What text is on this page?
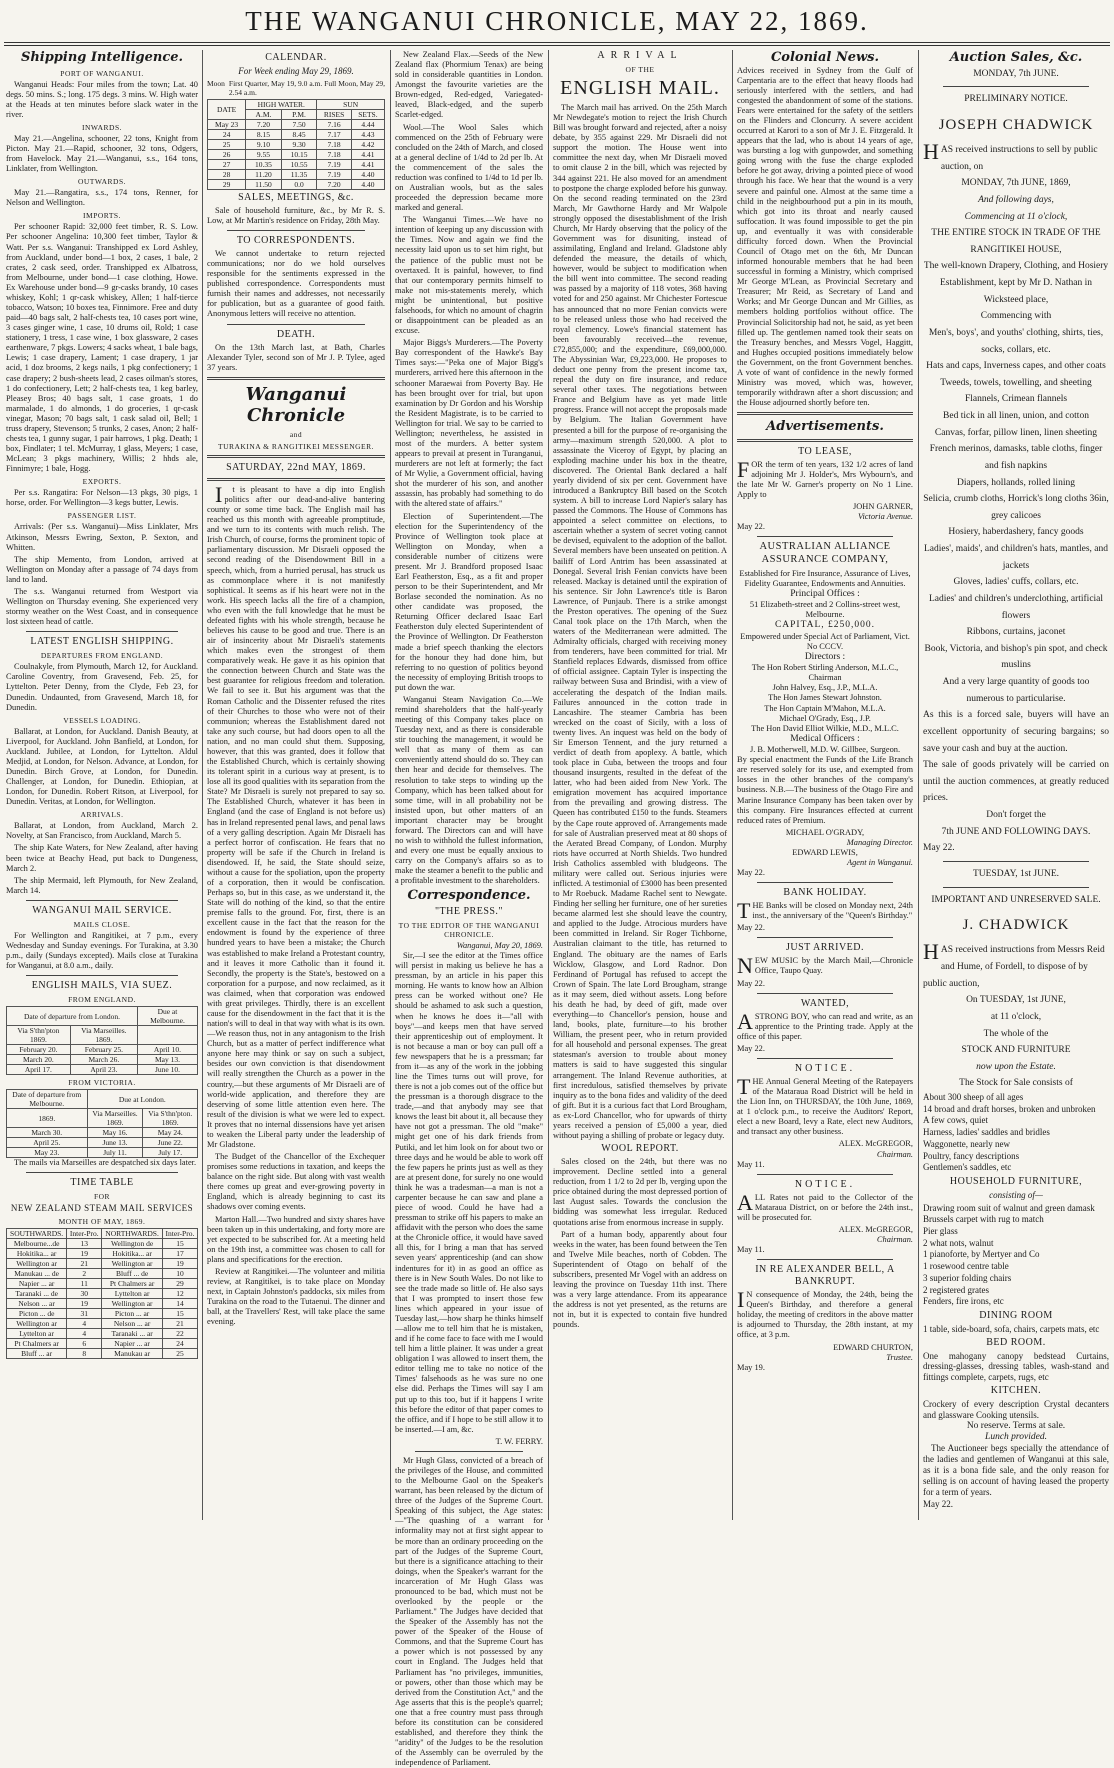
THE WANGANUI CHRONICLE, MAY 22, 1869.
Shipping Intelligence.
PORT OF WANGANUI.

Wanganui Heads: Four miles from the town; Lat. 40 degs. 50 mins. S.; long. 175 degs. 3 mins. W. High water at the Heads at ten minutes before slack water in the river.

INWARDS.

May 21.—Angelina, schooner, 22 tons, Knight from Picton. May 21.—Rapid, schooner, 32 tons, Odgers, from Havelock. May 21.—Wanganui, s.s., 164 tons, Linklater, from Wellington.

OUTWARDS.

May 21.—Rangatira, s.s., 174 tons, Renner, for Nelson and Wellington.

IMPORTS.

Per schooner Rapid: 32,000 feet timber, R. S. Low. Per schooner Angelina: 10,300 feet timber, Taylor & Watt. Per s.s. Wanganui: Transhipped ex Lord Ashley, from Auckland, under bond—1 box, 2 cases, 1 bale, 2 crates, 2 cask seed, order. Transhipped ex Albatross, from Melbourne, under bond—1 case clothing, Howe. Ex Warehouse under bond—9 gr-casks brandy, 10 cases whiskey, Kohl; 1 qr-cask whiskey, Allen; 1 half-tierce tobacco, Watson; 10 boxes tea, Finnimore. Free and duty paid—40 bags salt, 2 half-chests tea, 10 cases port wine, 3 cases ginger wine, 1 case, 10 drums oil, Rold; 1 case stationery, 1 tress, 1 case wine, 1 box glassware, 2 cases earthenware, 7 pkgs. Lowers; 4 sacks wheat, 1 bale bags, Lewis; 1 case drapery, Lament; 1 case drapery, 1 jar acid, 1 doz brooms, 2 kegs nails, 1 pkg confectionery; 1 case drapery; 2 bush-sheets lead, 2 cases oilman's stores, 1 do confectionery, Lett; 2 half-chests tea, 1 keg barley, Pleasey Bros; 40 bags salt, 1 case groats, 1 do marmalade, 1 do almonds, 1 do groceries, 1 qr-cask vinegar, Mason; 70 bags salt, 1 cask salad oil, Bell; 1 truss drapery, Stevenson; 5 trunks, 2 cases, Anon; 2 half-chests tea, 1 gunny sugar, 1 pair harrows, 1 pkg. Death; 1 box, Findlater; 1 tel. McMurray, 1 glass, Meyers; 1 case, McLean; 3 pkgs machinery, Willis; 2 hhds ale, Finnimyre; 1 bale, Hogg.

EXPORTS.

Per s.s. Rangatira: For Nelson—13 pkgs, 30 pigs, 1 horse, order. For Wellington—3 kegs butter, Lewis.

PASSENGER LIST.

Arrivals: (Per s.s. Wanganui)—Miss Linklater, Mrs Atkinson, Messrs Ewring, Sexton, P. Sexton, and Whitten.

The ship Memento, from London, arrived at Wellington on Monday after a passage of 74 days from land to land.

The s.s. Wanganui returned from Westport via Wellington on Thursday evening. She experienced very stormy weather on the West Coast, and in consequence lost sixteen head of cattle.

LATEST ENGLISH SHIPPING.
DEPARTURES FROM ENGLAND.

Coulnakyle, from Plymouth, March 12, for Auckland. Caroline Coventry, from Gravesend, Feb. 25, for Lyttelton. Peter Denny, from the Clyde, Feb 23, for Dunedin. Undaunted, from Gravesend, March 18, for Dunedin.

VESSELS LOADING.

Ballarat, at London, for Auckland. Danish Beauty, at Liverpool, for Auckland. John Banfield, at London, for Auckland. Jubilee, at London, for Lyttelton. Aldul Medjid, at London, for Nelson. Advance, at London, for Dunedin. Birch Grove, at London, for Dunedin. Challenger, at London, for Dunedin. Ethiopian, at London, for Dunedin. Robert Ritson, at Liverpool, for Dunedin. Veritas, at London, for Wellington.

ARRIVALS.

Ballarat, at London, from Auckland, March 2. Novelty, at San Francisco, from Auckland, March 5.

The ship Kate Waters, for New Zealand, after having been twice at Beachy Head, put back to Dungeness, March 2.

The ship Mermaid, left Plymouth, for New Zealand, March 14.

WANGANUI MAIL SERVICE.
MAILS CLOSE.

For Wellington and Rangitikei, at 7 p.m., every Wednesday and Sunday evenings. For Turakina, at 3.30 p.m., daily (Sundays excepted). Mails close at Turakina for Wanganui, at 8.0 a.m., daily.

ENGLISH MAILS, VIA SUEZ.
FROM ENGLAND.
Date of departure from London.		Due at Melbourne.
Via S'thn'pton 1869.	Via Marseilles. 1869.	
February 20.	February 25.	April 10.
March 20.	March 26.	May 13.
April 17.	April 23.	June 10.
FROM VICTORIA.
Date of departure from Melbourne.	Due at London.	
1869.	Via Marseilles. 1869.	Via S'thn'pton. 1869.
March 30.	May 16.	May 24.
April 25.	June 13.	June 22.
May 23.	July 11.	July 17.

The mails via Marseilles are despatched six days later.

TIME TABLE
FOR
NEW ZEALAND STEAM MAIL SERVICES
MONTH OF MAY, 1869.
SOUTHWARDS.	Inter-Pro.	NORTHWARDS.	Inter-Pro.
Melbourne...de	13	Wellington de	15
Hokitika... ar	19	Hokitika... ar	17
Wellington ar	21	Wellington ar	19
Manukau ... de	2	Bluff ... de	10
Napier ... ar	11	Pt Chalmers ar	29
Taranaki ... de	30	Lyttelton ar	12
Nelson ... ar	19	Wellington ar	14
Picton ... de	31	Picton ... ar	15
Wellington ar	4	Nelson ... ar	21
Lyttelton ar	4	Taranaki ... ar	22
Pt Chalmers ar	6	Napier ... ar	24
Bluff ... ar	8	Manukau ar	25
CALENDAR.
For Week ending May 29, 1869.
Moon First Quarter, May 19, 9.0 a.m. Full Moon, May 29, 2.54 a.m.
DATE	HIGH WATER.		SUN	
	A.M.	P.M.	RISES	SETS.
May 23	7.20	7.50	7.16	4.44
24	8.15	8.45	7.17	4.43
25	9.10	9.30	7.18	4.42
26	9.55	10.15	7.18	4.41
27	10.35	10.55	7.19	4.41
28	11.20	11.35	7.19	4.40
29	11.50	0.0	7.20	4.40
SALES, MEETINGS, &c.

Sale of household furniture, &c., by Mr R. S. Low, at Mr Martin's residence on Friday, 28th May.

TO CORRESPONDENTS.

We cannot undertake to return rejected communications; nor do we hold ourselves responsible for the sentiments expressed in the published correspondence. Correspondents must furnish their names and addresses, not necessarily for publication, but as a guarantee of good faith. Anonymous letters will receive no attention.

DEATH.

On the 13th March last, at Bath, Charles Alexander Tyler, second son of Mr J. P. Tylee, aged 37 years.

Wanganui Chronicle
and
TURAKINA & RANGITIKEI MESSENGER.
SATURDAY, 22nd MAY, 1869.

It is pleasant to have a dip into English politics after our dead-and-alive bantering county or some time back. The English mail has reached us this month with agreeable promptitude, and we turn to its contents with much relish. The Irish Church, of course, forms the prominent topic of parliamentary discussion. Mr Disraeli opposed the second reading of the Disendowment Bill in a speech, which, from a hurried perusal, has struck us as commonplace where it is not manifestly sophistical. It seems as if his heart were not in the work. His speech lacks all the fire of a champion, who even with the full knowledge that he must be defeated fights with his whole strength, because he believes his cause to be good and true. There is an air of insincerity about Mr Disraeli's statements which makes even the strongest of them comparatively weak. He gave it as his opinion that the connection between Church and State was the best guarantee for religious freedom and toleration. We fail to see it. But his argument was that the Roman Catholic and the Dissenter refused the rites of their Churches to those who were not of their communion; whereas the Establishment dared not take any such course, but had doors open to all the nation, and no man could shut them. Supposing, however, that this was granted, does it follow that the Established Church, which is certainly showing its tolerant spirit in a curious way at present, is to lose all its good qualities with its separation from the State? Mr Disraeli is surely not prepared to say so. The Established Church, whatever it has been in England (and the case of England is not before us) has in Ireland represented penal laws, and penal laws of a very galling description. Again Mr Disraeli has a perfect horror of confiscation. He fears that no property will be safe if the Church in Ireland is disendowed. If, he said, the State should seize, without a cause for the spoliation, upon the property of a corporation, then it would be confiscation. Perhaps so, but in this case, as we understand it, the State will do nothing of the kind, so that the entire premise falls to the ground. For, first, there is an excellent cause in the fact that the reason for the endowment is found by the experience of three hundred years to have been a mistake; the Church was established to make Ireland a Protestant country, and it leaves it more Catholic than it found it. Secondly, the property is the State's, bestowed on a corporation for a purpose, and now reclaimed, as it was claimed, when that corporation was endowed with great privileges. Thirdly, there is an excellent cause for the disendowment in the fact that it is the nation's will to deal in that way with what is its own.—We reason thus, not in any antagonism to the Irish Church, but as a matter of perfect indifference what anyone here may think or say on such a subject, besides our own conviction is that disendowment will really strengthen the Church as a power in the country,—but these arguments of Mr Disraeli are of world-wide application, and therefore they are deserving of some little attention even here. The result of the division is what we were led to expect. It proves that no internal dissensions have yet arisen to weaken the Liberal party under the leadership of Mr Gladstone.

The Budget of the Chancellor of the Exchequer promises some reductions in taxation, and keeps the balance on the right side. But along with vast wealth there comes up great and ever-growing poverty in England, which is already beginning to cast its shadows over coming events.

Marton Hall.—Two hundred and sixty shares have been taken up in this undertaking, and forty more are yet expected to be subscribed for. At a meeting held on the 19th inst, a committee was chosen to call for plans and specifications for the erection.

Review at Rangitikei.—The volunteer and militia review, at Rangitikei, is to take place on Monday next, in Captain Johnston's paddocks, six miles from Turakina on the road to the Tutaenui. The dinner and ball, at the Travellers' Rest, will take place the same evening.

New Zealand Flax.—Seeds of the New Zealand flax (Phormium Tenax) are being sold in considerable quantities in London. Amongst the favourite varieties are the Brown-edged, Red-edged, Variegated-leaved, Black-edged, and the superb Scarlet-edged.

Wool.—The Wool Sales which commenced on the 25th of February were concluded on the 24th of March, and closed at a general decline of 1/4d to 2d per lb. At the commencement of the sales the reduction was confined to 1/4d to 1d per lb. on Australian wools, but as the sales proceeded the depression became more marked and general.

The Wanganui Times.—We have no intention of keeping up any discussion with the Times. Now and again we find the necessity laid upon us to set him right, but the patience of the public must not be overtaxed. It is painful, however, to find that our contemporary permits himself to make not mis-statements merely, which might be unintentional, but positive falsehoods, for which no amount of chagrin or disappointment can be pleaded as an excuse.

Major Biggs's Murderers.—The Poverty Bay correspondent of the Hawke's Bay Times says:—"Peka one of Major Bigg's murderers, arrived here this afternoon in the schooner Maraewai from Poverty Bay. He has been brought over for trial, but upon examination by Dr Gordon and his Worship the Resident Magistrate, is to be carried to Wellington for trial. We say to be carried to Wellington; nevertheless, he assisted in most of the murders. A better system appears to prevail at present in Turanganui, murderers are not left at formerly; the fact of Mr Wylie, a Government official, having shot the murderer of his son, and another assassin, has probably had something to do with the altered state of affairs."

Election of Superintendent.—The election for the Superintendency of the Province of Wellington took place at Wellington on Monday, when a considerable number of citizens were present. Mr J. Brandford proposed Isaac Earl Featherston, Esq., as a fit and proper person to be their Superintendent, and Mr Borlase seconded the nomination. As no other candidate was proposed, the Returning Officer declared Isaac Earl Featherston duly elected Superintendent of the Province of Wellington. Dr Featherston made a brief speech thanking the electors for the honour they had done him, but referring to no question of politics beyond the necessity of employing British troops to put down the war.

Wanganui Steam Navigation Co.—We remind shareholders that the half-yearly meeting of this Company takes place on Tuesday next, and as there is considerable stir touching the management, it would be well that as many of them as can conveniently attend should do so. They can then hear and decide for themselves. The resolution to take steps to winding up the Company, which has been talked about for some time, will in all probability not be insisted upon, but other matters of an important character may be brought forward. The Directors can and will have no wish to withhold the fullest information, and every one must be equally anxious to carry on the Company's affairs so as to make the steamer a benefit to the public and a profitable investment to the shareholders.

Correspondence.
"THE PRESS."
TO THE EDITOR OF THE WANGANUI CHRONICLE.
Wanganui, May 20, 1869.

Sir,—I see the editor at the Times office will persist in making us believe he has a pressman, by an article in his paper this morning. He wants to know how an Albion press can be worked without one? He should be ashamed to ask such a question, when he knows he does it—"all with boys"—and keeps men that have served their apprenticeship out of employment. It is not because a man or boy can pull off a few newspapers that he is a pressman; far from it—as any of the work in the jobbing line the Times turns out will prove, for there is not a job comes out of the office but the pressman is a thorough disgrace to the trade,—and that anybody may see that knows the least bit about it, all because they have not got a pressman. The old "make" might get one of his dark friends from Putiki, and let him look on for about two or three days and he would be able to work off the few papers he prints just as well as they are at present done, for surely no one would think he was a tradesman—a man is not a carpenter because he can saw and plane a piece of wood. Could he have had a pressman to strike off his papers to make an affidavit with the person who does the same at the Chronicle office, it would have saved all this, for I bring a man that has served seven years' apprenticeship (and can show indentures for it) in as good an office as there is in New South Wales. Do not like to see the trade made so little of. He also says that I was prompted to insert those few lines which appeared in your issue of Tuesday last,—how sharp he thinks himself—allow me to tell him that he is mistaken, and if he come face to face with me I would tell him a little plainer. It was under a great obligation I was allowed to insert them, the editor telling me to take no notice of the Times' falsehoods as he was sure no one else did. Perhaps the Times will say I am put up to this too, but if it happens I write this before the editor of that paper comes to the office, and if I hope to be still allow it to be inserted.—I am, &c.

T. W. FERRY.

Mr Hugh Glass, convicted of a breach of the privileges of the House, and committed to the Melbourne Gaol on the Speaker's warrant, has been released by the dictum of three of the Judges of the Supreme Court. Speaking of this subject, the Age states:—"The quashing of a warrant for informality may not at first sight appear to be more than an ordinary proceeding on the part of the Judges of the Supreme Court, but there is a significance attaching to their doings, when the Speaker's warrant for the incarceration of Mr Hugh Glass was pronounced to be bad, which must not be overlooked by the people or the Parliament." The Judges have decided that the Speaker of the Assembly has not the power of the Speaker of the House of Commons, and that the Supreme Court has a power which is not possessed by any court in England. The Judges held that Parliament has "no privileges, immunities, or powers, other than those which may be derived from the Constitution Act," and the Age asserts that this is the people's quarrel; one that a free country must pass through before its constitution can be considered established, and therefore they think the "aridity" of the Judges to be the resolution of the Assembly can be overruled by the independence of Parliament.

ARRIVAL
OF THE
ENGLISH MAIL.

The March mail has arrived. On the 25th March Mr Newdegate's motion to reject the Irish Church Bill was brought forward and rejected, after a noisy debate, by 355 against 229. Mr Disraeli did not support the motion. The House went into committee the next day, when Mr Disraeli moved to omit clause 2 in the bill, which was rejected by 344 against 221. He also moved for an amendment to postpone the charge exploded before his gunway. On the second reading terminated on the 23rd March, Mr Gawthorne Hardy and Mr Walpole strongly opposed the disestablishment of the Irish Church, Mr Hardy observing that the policy of the Government was for disuniting, instead of assimilating, England and Ireland. Gladstone ably defended the measure, the details of which, however, would be subject to modification when the bill went into committee. The second reading was passed by a majority of 118 votes, 368 having voted for and 250 against. Mr Chichester Fortescue has announced that no more Fenian convicts were to be released unless those who had received the royal clemency. Lowe's financial statement has been favourably received—the revenue, £72,855,000; and the expenditure, £69,000,000. The Abyssinian War, £9,223,000. He proposes to deduct one penny from the present income tax, repeal the duty on fire insurance, and reduce several other taxes. The negotiations between France and Belgium have as yet made little progress. France will not accept the proposals made by Belgium. The Italian Government have presented a bill for the purpose of re-organising the army—maximum strength 520,000. A plot to assassinate the Viceroy of Egypt, by placing an exploding machine under his box in the theatre, discovered. The Oriental Bank declared a half yearly dividend of six per cent. Government have introduced a Bankruptcy Bill based on the Scotch system. A bill to increase Lord Napier's salary has passed the Commons. The House of Commons has appointed a select committee on elections, to ascertain whether a system of secret voting cannot be devised, equivalent to the adoption of the ballot. Several members have been unseated on petition. A bailiff of Lord Antrim has been assassinated at Donegal. Several Irish Fenian convicts have been released. Mackay is detained until the expiration of his sentence. Sir John Lawrence's title is Baron Lawrence, of Punjaub. There is a strike amongst the Preston operatives. The opening of the Suez Canal took place on the 17th March, when the waters of the Mediterranean were admitted. The Admiralty officials, charged with receiving money from tenderers, have been committed for trial. Mr Stanfield replaces Edwards, dismissed from office of official assignee. Captain Tyler is inspecting the railway between Susa and Brindisi, with a view of accelerating the despatch of the Indian mails. Failures announced in the cotton trade in Lancashire. The steamer Cambria has been wrecked on the coast of Sicily, with a loss of twenty lives. An inquest was held on the body of Sir Emerson Tennent, and the jury returned a verdict of death from apoplexy. A battle, which took place in Cuba, between the troops and four thousand insurgents, resulted in the defeat of the latter, who had been aided from New York. The emigration movement has acquired importance from the prevailing and growing distress. The Queen has contributed £150 to the funds. Steamers by the Cape route approved of. Arrangements made for sale of Australian preserved meat at 80 shops of the Aerated Bread Company, of London. Murphy riots have occurred at North Shields. Two hundred Irish Catholics assembled with bludgeons. The military were called out. Serious injuries were inflicted. A testimonial of £3000 has been presented to Mr Roebuck. Madame Rachel sent to Newgate. Finding her selling her furniture, one of her sureties became alarmed lest she should leave the country, and applied to the Judge. Atrocious murders have been committed in Ireland. Sir Roger Tichborne, Australian claimant to the title, has returned to England. The obituary are the names of Earls Wicklow, Glasgow, and Lord Radnor. Don Ferdinand of Portugal has refused to accept the Crown of Spain. The late Lord Brougham, strange as it may seem, died without assets. Long before his death he had, by deed of gift, made over everything—to Chancellor's pension, house and land, books, plate, furniture—to his brother William, the present peer, who in return provided for all household and personal expenses. The great statesman's aversion to trouble about money matters is said to have suggested this singular arrangement. The Inland Revenue authorities, at first incredulous, satisfied themselves by private inquiry as to the bona fides and validity of the deed of gift. But it is a curious fact that Lord Brougham, as ex-Lord Chancellor, who for upwards of thirty years received a pension of £5,000 a year, died without paying a shilling of probate or legacy duty.

WOOL REPORT.

Sales closed on the 24th, but there was no improvement. Decline settled into a general reduction, from 1 1/2 to 2d per lb, verging upon the price obtained during the most depressed portion of last August sales. Towards the conclusion the bidding was somewhat less irregular. Reduced quotations arise from enormous increase in supply.

Part of a human body, apparently about four weeks in the water, has been found between the Ten and Twelve Mile beaches, north of Cobden. The Superintendent of Otago on behalf of the subscribers, presented Mr Vogel with an address on leaving the province on Tuesday 11th inst. There was a very large attendance. From its appearance the address is not yet presented, as the returns are not in, but it is expected to contain five hundred pounds.

Colonial News.

Advices received in Sydney from the Gulf of Carpentaria are to the effect that heavy floods had seriously interfered with the settlers, and had congested the abandonment of some of the stations. Fears were entertained for the safety of the settlers on the Flinders and Cloncurry. A severe accident occurred at Karori to a son of Mr J. E. Fitzgerald. It appears that the lad, who is about 14 years of age, was bursting a log with gunpowder, and something going wrong with the fuse the charge exploded before he got away, driving a pointed piece of wood through his face. We hear that the wound is a very severe and painful one. Almost at the same time a child in the neighbourhood put a pin in its mouth, which got into its throat and nearly caused suffocation. It was found impossible to get the pin up, and eventually it was with considerable difficulty forced down. When the Provincial Council of Otago met on the 6th, Mr Duncan informed honourable members that he had been successful in forming a Ministry, which comprised Mr George M'Lean, as Provincial Secretary and Treasurer; Mr Reid, as Secretary of Land and Works; and Mr George Duncan and Mr Gillies, as members holding portfolios without office. The Provincial Solicitorship had not, he said, as yet been filled up. The gentlemen named took their seats on the Treasury benches, and Messrs Vogel, Haggitt, and Hughes occupied positions immediately below the Government, on the front Government benches. A vote of want of confidence in the newly formed Ministry was moved, which was, however, temporarily withdrawn after a short discussion; and the House adjourned shortly before ten.

Advertisements.
TO LEASE,

FOR the term of ten years, 132 1/2 acres of land adjoining Mr J. Holder's, Mrs Wybourn's, and the late Mr W. Garner's property on No 1 Line. Apply to

JOHN GARNER,
Victoria Avenue.
May 22.
AUSTRALIAN ALLIANCE ASSURANCE COMPANY,
Established for Fire Insurance, Assurance of Lives, Fidelity Guarantee, Endowments and Annuities.
Principal Offices :
51 Elizabeth-street and 2 Collins-street west, Melbourne.
CAPITAL, £250,000.
Empowered under Special Act of Parliament, Vict. No CCCV.
Directors :
The Hon Robert Stirling Anderson, M.L.C., Chairman
John Halvey, Esq., J.P., M.L.A.
The Hon James Stewart Johnston.
The Hon Captain M'Mahon, M.L.A.
Michael O'Grady, Esq., J.P.
The Hon David Elliot Wilkie, M.D., M.L.C.
Medical Officers :
J. B. Motherwell, M.D. W. Gillbee, Surgeon.

By special enactment the Funds of the Life Branch are reserved solely for its use, and exempted from losses in the other branches of the company's business. N.B.—The business of the Otago Fire and Marine Insurance Company has been taken over by this company. Fire Insurances effected at current reduced rates of Premium.

MICHAEL O'GRADY,
Managing Director.
EDWARD LEWIS,
Agent in Wanganui.
May 22.
BANK HOLIDAY.

THE Banks will be closed on Monday next, 24th inst., the anniversary of the "Queen's Birthday."

May 22.
JUST ARRIVED.

NEW MUSIC by the March Mail,—Chronicle Office, Taupo Quay.

May 22.
WANTED,

ASTRONG BOY, who can read and write, as an apprentice to the Printing trade. Apply at the office of this paper.

May 22.
NOTICE.

THE Annual General Meeting of the Ratepayers of the Mataraua Road District will be held in the Lion Inn, on THURSDAY, the 10th June, 1869, at 1 o'clock p.m., to receive the Auditors' Report, elect a new Board, levy a Rate, elect new Auditors, and transact any other business.

ALEX. McGREGOR,
Chairman.
May 11.
NOTICE.

ALL Rates not paid to the Collector of the Mataraua District, on or before the 24th inst., will be prosecuted for.

ALEX. McGREGOR,
Chairman.
May 11.
IN RE ALEXANDER BELL, A BANKRUPT.

IN consequence of Monday, the 24th, being the Queen's Birthday, and therefore a general holiday, the meeting of creditors in the above matter is adjourned to Thursday, the 28th instant, at my office, at 3 p.m.

EDWARD CHURTON,
Trustee.
May 19.
Auction Sales, &c.

MONDAY, 7th JUNE.

PRELIMINARY NOTICE.

JOSEPH CHADWICK

HAS received instructions to sell by public auction, on

MONDAY, 7th JUNE, 1869,

And following days,

Commencing at 11 o'clock,

THE ENTIRE STOCK IN TRADE OF THE RANGITIKEI HOUSE,
The well-known Drapery, Clothing, and Hosiery Establishment, kept by Mr D. Nathan in Wicksteed place,
Commencing with
Men's, boys', and youths' clothing, shirts, ties, socks, collars, etc.
Hats and caps, Inverness capes, and other coats
Tweeds, towels, towelling, and sheeting
Flannels, Crimean flannels
Bed tick in all linen, union, and cotton
Canvas, forfar, pillow linen, linen sheeting
French merinos, damasks, table cloths, finger and fish napkins
Diapers, hollands, rolled lining
Selicia, crumb cloths, Horrick's long cloths 36in, grey calicoes
Hosiery, haberdashery, fancy goods
Ladies', maids', and children's hats, mantles, and jackets
Gloves, ladies' cuffs, collars, etc.
Ladies' and children's underclothing, artificial flowers
Ribbons, curtains, jaconet
Book, Victoria, and bishop's pin spot, and check muslins
And a very large quantity of goods too numerous to particularise.

As this is a forced sale, buyers will have an excellent opportunity of securing bargains; so save your cash and buy at the auction.

The sale of goods privately will be carried on until the auction commences, at greatly reduced prices.

Don't forget the

7th JUNE AND FOLLOWING DAYS.

May 22.

TUESDAY, 1st JUNE.

IMPORTANT AND UNRESERVED SALE.

J. CHADWICK

HAS received instructions from Messrs Reid and Hume, of Fordell, to dispose of by public auction,

On TUESDAY, 1st JUNE,

at 11 o'clock,

The whole of the

STOCK AND FURNITURE

now upon the Estate.

The Stock for Sale consists of

About 300 sheep of all ages
14 broad and draft horses, broken and unbroken
A few cows, quiet
Harness, ladies' saddles and bridles
Waggonette, nearly new
Poultry, fancy descriptions
Gentlemen's saddles, etc
HOUSEHOLD FURNITURE,
consisting of—
Drawing room suit of walnut and green damask
Brussels carpet with rug to match
Pier glass
2 what nots, walnut
1 pianoforte, by Mertyer and Co
1 rosewood centre table
3 superior folding chairs
2 registered grates
Fenders, fire irons, etc
DINING ROOM
1 table, side-board, sofa, chairs, carpets mats, etc
BED ROOM.
One mahogany canopy bedstead Curtains, dressing-glasses, dressing tables, wash-stand and fittings complete, carpets, rugs, etc
KITCHEN.
Crockery of every description Crystal decanters and glassware Cooking utensils.
No reserve. Terms at sale.
Lunch provided.

The Auctioneer begs specially the attendance of the ladies and gentlemen of Wanganui at this sale, as it is a bona fide sale, and the only reason for selling is on account of having leased the property for a term of years.

May 22.
